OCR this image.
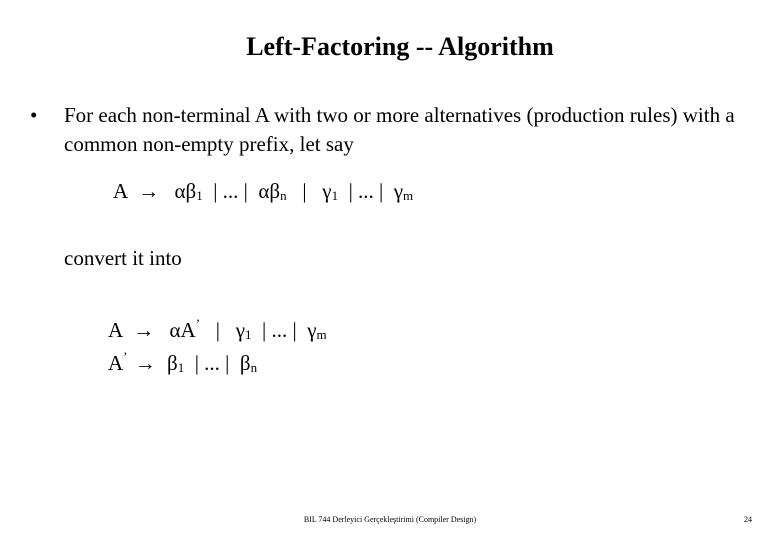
Left-Factoring -- Algorithm
•	For each non-terminal A with two or more alternatives (production rules) with a common non-empty prefix, let say
A → αβ1  | ... |  αβn   |   γ1  | ... |  γm
convert it into
A → αA’   |   γ1  | ... |  γm
A’ → β1  | ... |  βn
BIL 744 Derleyici Gerçekleştirimi (Compiler Design)	24
